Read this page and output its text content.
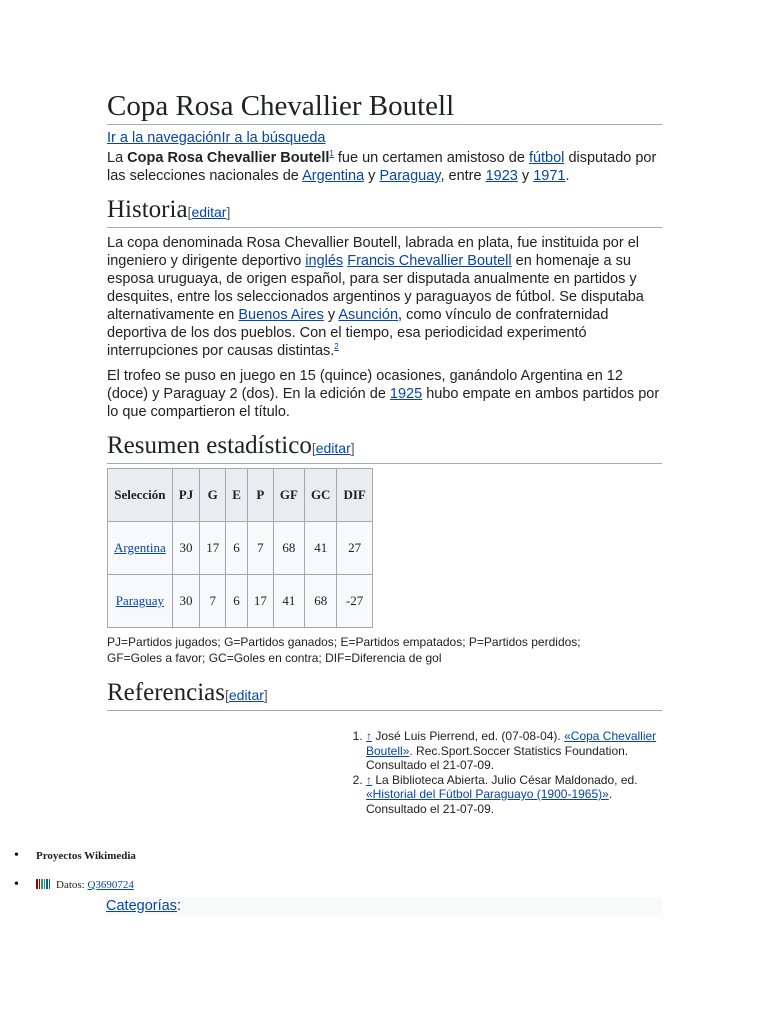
Copa Rosa Chevallier Boutell
Ir a la navegaciónIr a la búsqueda

La Copa Rosa Chevallier Boutell$^1$ fue un certamen amistoso de fútbol disputado por las selecciones nacionales de Argentina y Paraguay, entre 1923 y 1971.

Historia[editar]

La copa denominada Rosa Chevallier Boutell, labrada en plata, fue instituida por el ingeniero y dirigente deportivo inglés Francis Chevallier Boutell en homenaje a su esposa uruguaya, de origen español, para ser disputada anualmente en partidos y desquites, entre los seleccionados argentinos y paraguayos de fútbol. Se disputaba alternativamente en Buenos Aires y Asunción, como vínculo de confraternidad deportiva de los dos pueblos. Con el tiempo, esa periodicidad experimentó interrupciones por causas distintas.$^2$

El trofeo se puso en juego en 15 (quince) ocasiones, ganándolo Argentina en 12 (doce) y Paraguay 2 (dos). En la edición de 1925 hubo empate en ambos partidos por lo que compartieron el título.

Resumen estadístico[editar]
Selección	PJ	G	E	P	GF	GC	DIF
Argentina	30	17	6	7	68	41	27
Paraguay	30	7	6	17	41	68	-27
PJ=Partidos jugados; G=Partidos ganados; E=Partidos empatados; P=Partidos perdidos;
GF=Goles a favor; GC=Goles en contra; DIF=Diferencia de gol
Referencias[editar]
1. ↑ José Luis Pierrend, ed. (07-08-04). «Copa Chevallier Boutell». Rec.Sport.Soccer Statistics Foundation. Consultado el 21-07-09.
2. ↑ La Biblioteca Abierta. Julio César Maldonado, ed. «Historial del Fútbol Paraguayo (1900-1965)». Consultado el 21-07-09.
• Proyectos Wikimedia
• Datos: Q3690724
Categorías:
